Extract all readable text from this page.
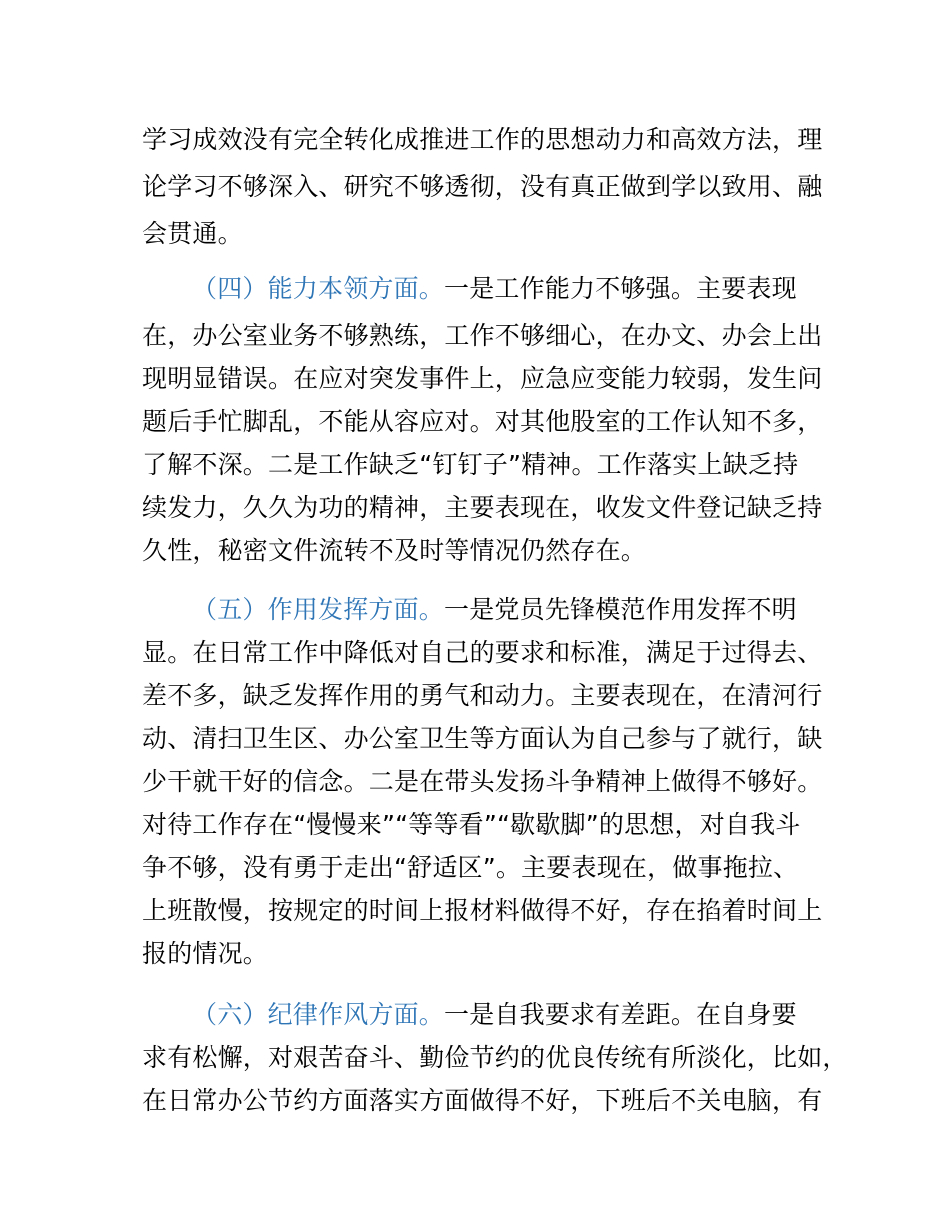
学习成效没有完全转化成推进工作的思想动力和高效方法，理
论学习不够深入、研究不够透彻，没有真正做到学以致用、融
会贯通。
（四）能力本领方面。一是工作能力不够强。主要表现
在，办公室业务不够熟练，工作不够细心，在办文、办会上出
现明显错误。在应对突发事件上，应急应变能力较弱，发生问
题后手忙脚乱，不能从容应对。对其他股室的工作认知不多，
了解不深。二是工作缺乏“钉钉子”精神。工作落实上缺乏持
续发力，久久为功的精神，主要表现在，收发文件登记缺乏持
久性，秘密文件流转不及时等情况仍然存在。
（五）作用发挥方面。一是党员先锋模范作用发挥不明
显。在日常工作中降低对自己的要求和标准，满足于过得去、
差不多，缺乏发挥作用的勇气和动力。主要表现在，在清河行
动、清扫卫生区、办公室卫生等方面认为自己参与了就行，缺
少干就干好的信念。二是在带头发扬斗争精神上做得不够好。
对待工作存在“慢慢来”“等等看”“歇歇脚”的思想，对自我斗
争不够，没有勇于走出“舒适区”。主要表现在，做事拖拉、
上班散慢，按规定的时间上报材料做得不好，存在掐着时间上
报的情况。
（六）纪律作风方面。一是自我要求有差距。在自身要
求有松懈，对艰苦奋斗、勤俭节约的优良传统有所淡化，比如，
在日常办公节约方面落实方面做得不好，下班后不关电脑，有
